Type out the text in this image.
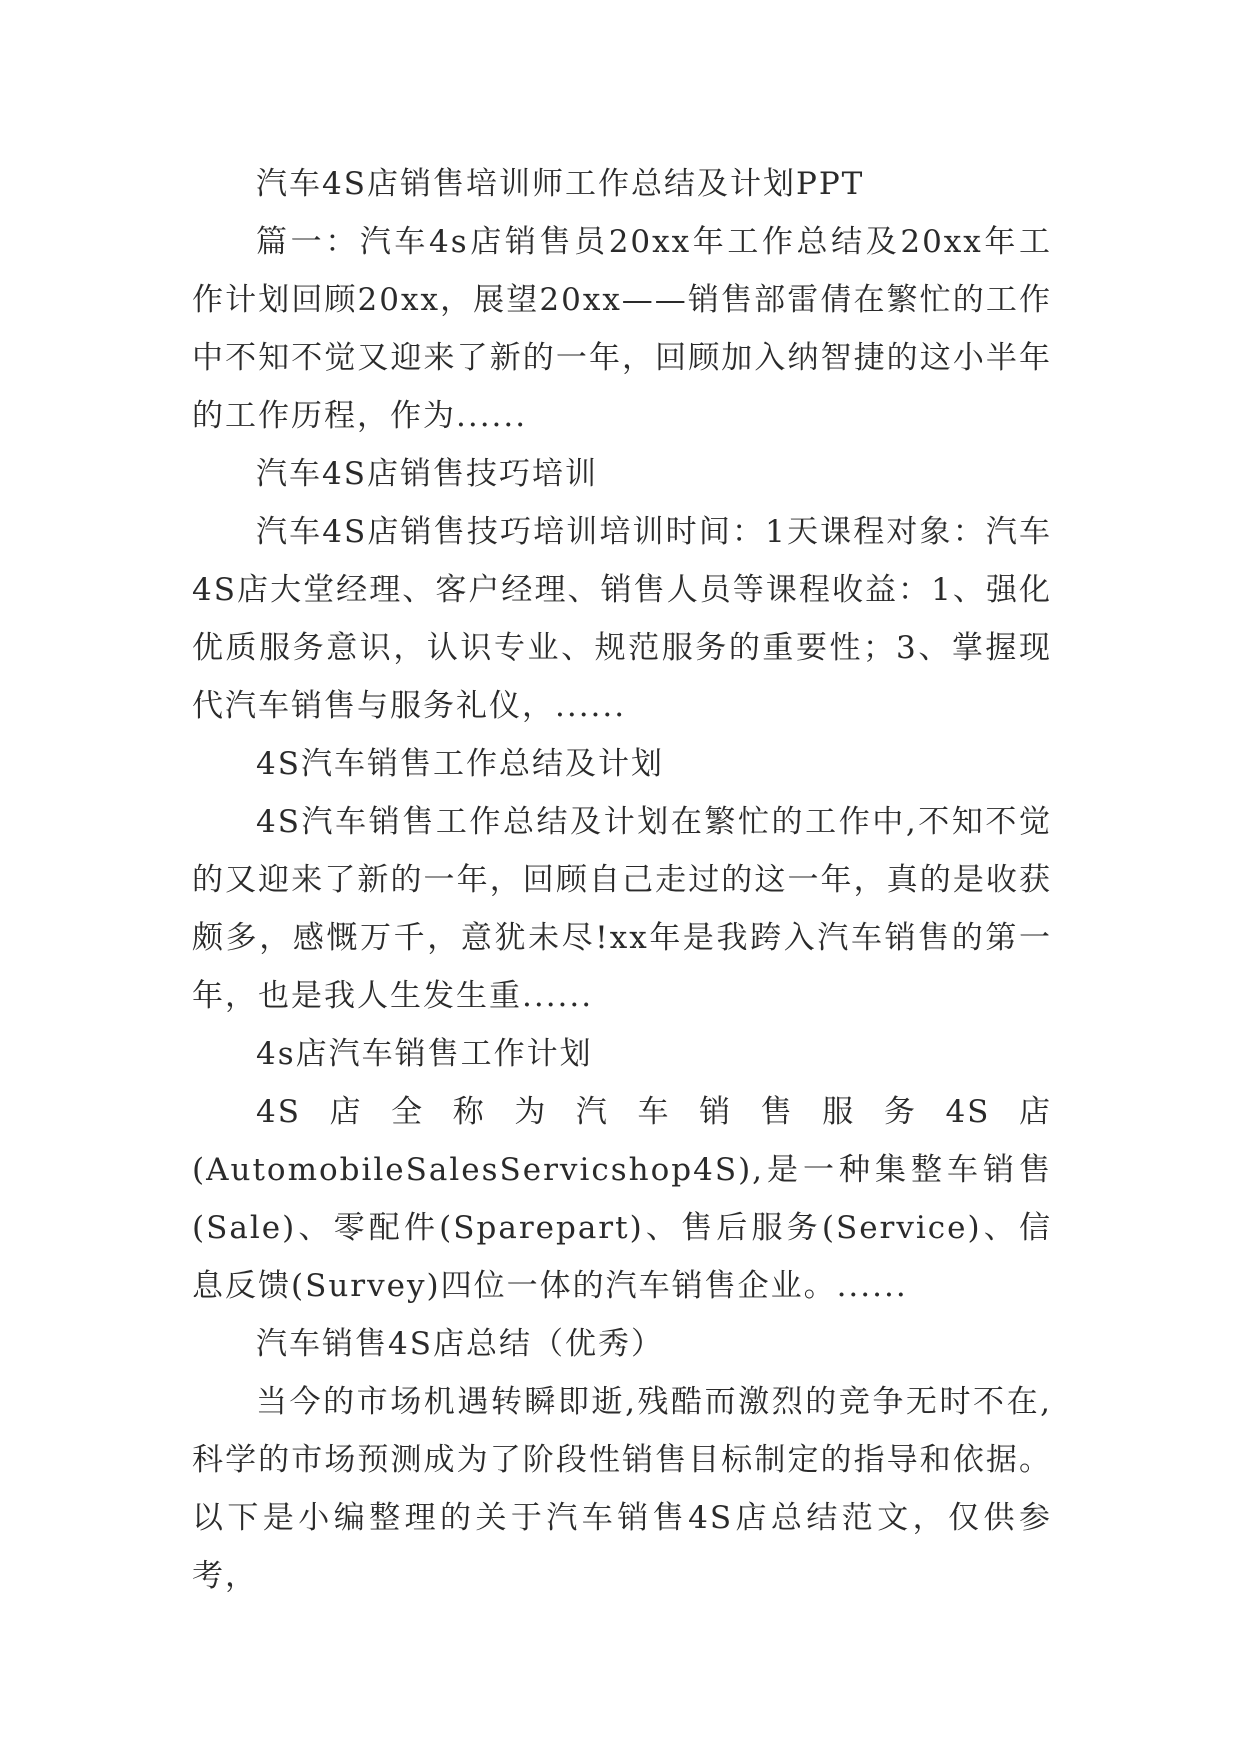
汽车4S店销售培训师工作总结及计划PPT

篇一：汽车4s店销售员20xx年工作总结及20xx年工作计划回顾20xx，展望20xx——销售部雷倩在繁忙的工作中不知不觉又迎来了新的一年，回顾加入纳智捷的这小半年的工作历程，作为......

汽车4S店销售技巧培训

汽车4S店销售技巧培训培训时间：1天课程对象：汽车4S店大堂经理、客户经理、销售人员等课程收益：1、强化优质服务意识，认识专业、规范服务的重要性；3、掌握现代汽车销售与服务礼仪，......

4S汽车销售工作总结及计划

4S汽车销售工作总结及计划在繁忙的工作中,不知不觉的又迎来了新的一年，回顾自己走过的这一年，真的是收获颇多，感慨万千，意犹未尽!xx年是我跨入汽车销售的第一年，也是我人生发生重......

4s店汽车销售工作计划

4S店全称为汽车销售服务4S店(AutomobileSalesServicshop4S),是一种集整车销售(Sale)、零配件(Sparepart)、售后服务(Service)、信息反馈(Survey)四位一体的汽车销售企业。......

汽车销售4S店总结（优秀）

当今的市场机遇转瞬即逝,残酷而激烈的竞争无时不在,科学的市场预测成为了阶段性销售目标制定的指导和依据。以下是小编整理的关于汽车销售4S店总结范文，仅供参考，
